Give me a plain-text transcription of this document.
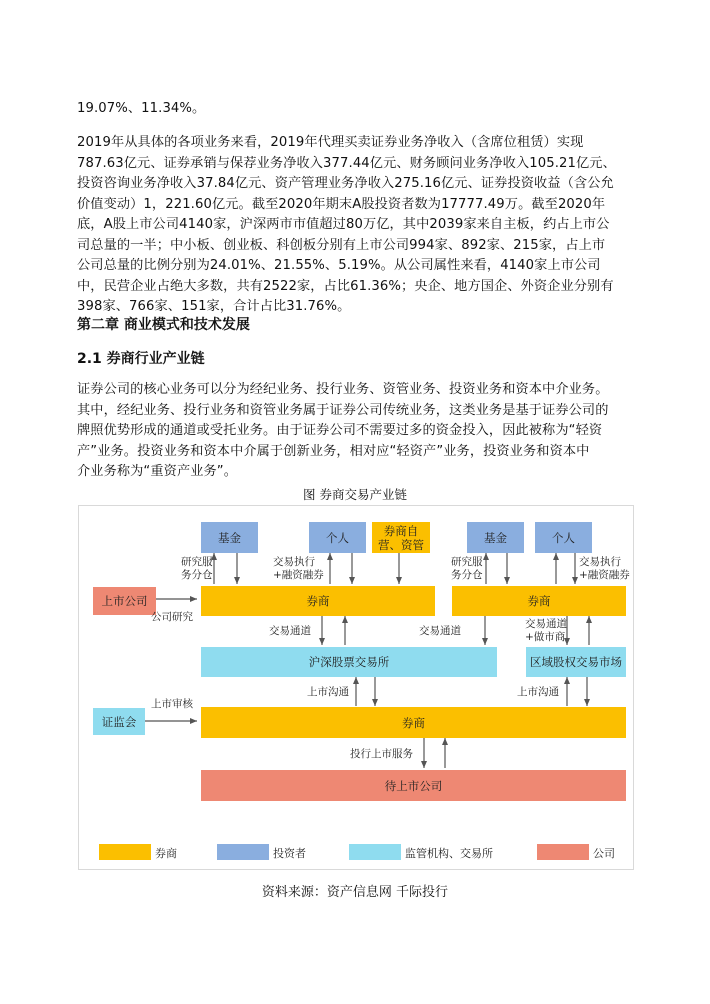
19.07%、11.34%。

2019年从具体的各项业务来看，2019年代理买卖证券业务净收入（含席位租赁）实现
787.63亿元、证券承销与保荐业务净收入377.44亿元、财务顾问业务净收入105.21亿元、
投资咨询业务净收入37.84亿元、资产管理业务净收入275.16亿元、证券投资收益（含公允
价值变动）1，221.60亿元。截至2020年期末A股投资者数为17777.49万。截至2020年
底，A股上市公司4140家，沪深两市市值超过80万亿，其中2039家来自主板，约占上市公
司总量的一半；中小板、创业板、科创板分别有上市公司994家、892家、215家，占上市
公司总量的比例分别为24.01%、21.55%、5.19%。从公司属性来看，4140家上市公司
中，民营企业占绝大多数，共有2522家，占比61.36%；央企、地方国企、外资企业分别有
398家、766家、151家，合计占比31.76%。

第二章 商业模式和技术发展
2.1 券商行业产业链

证券公司的核心业务可以分为经纪业务、投行业务、资管业务、投资业务和资本中介业务。
其中，经纪业务、投行业务和资管业务属于证券公司传统业务，这类业务是基于证券公司的
牌照优势形成的通道或受托业务。由于证券公司不需要过多的资金投入，因此被称为“轻资
产”业务。投资业务和资本中介属于创新业务，相对应“轻资产”业务，投资业务和资本中
介业务称为“重资产业务”。

图 券商交易产业链

基金	个人	券商自
营、资管	基金	个人
研究服
务分仓
交易执行
+融资融券
研究服
务分仓
交易执行
+融资融券
上市公司	券商	券商
公司研究
交易通道	交易通道
交易通道
+做市商
沪深股票交易所	区域股权交易市场
上市沟通	上市沟通
上市审核
证监会	券商
投行上市服务
待上市公司
券商	投资者	监管机构、交易所	公司

资料来源：资产信息网 千际投行
